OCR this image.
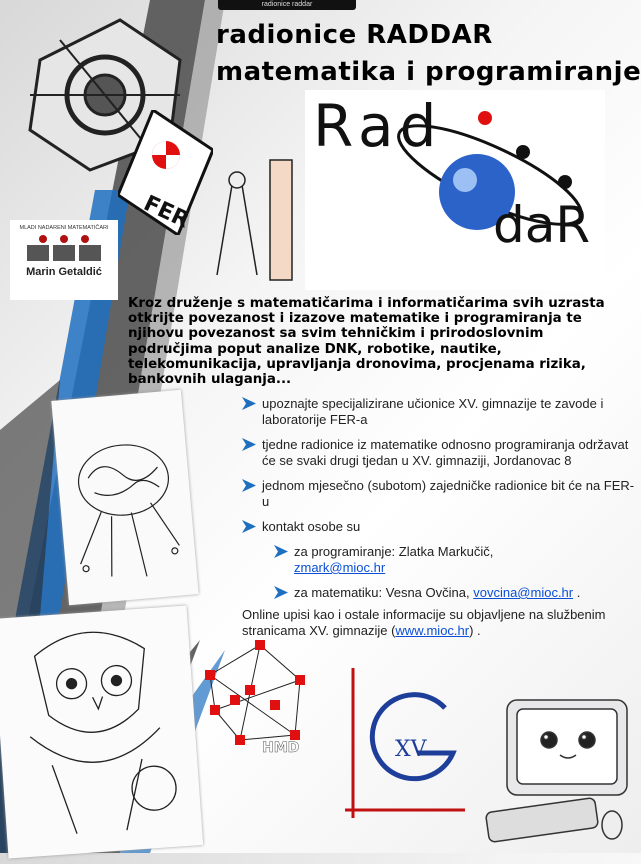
radionice raddar
radionice RADDAR
matematika i programiranje
FER
Rad
daR
MLADI NADARENI MATEMATIČARI
Marin Getaldić
Kroz druženje s matematičarima i informatičarima svih uzrasta otkrijte povezanost i izazove matematike i programiranja te njihovu povezanost sa svim tehničkim i prirodoslovnim područjima poput analize DNK, robotike, nautike, telekomunikacija, upravljanja dronovima, procjenama rizika, bankovnih ulaganja...
upoznajte specijalizirane učionice XV. gimnazije te zavode i laboratorije FER-a
tjedne radionice iz matematike odnosno programiranja održavat će se svaki drugi tjedan u XV. gimnaziji, Jordanovac 8
jednom mjesečno (subotom) zajedničke radionice bit će na FER-u
kontakt osobe su
za programiranje: Zlatka Markučič,
zmark@mioc.hr
za matematiku: Vesna Ovčina, vovcina@mioc.hr .
Online upisi kao i ostale informacije su objavljene na službenim stranicama XV. gimnazije (www.mioc.hr) .
HMD	XV
